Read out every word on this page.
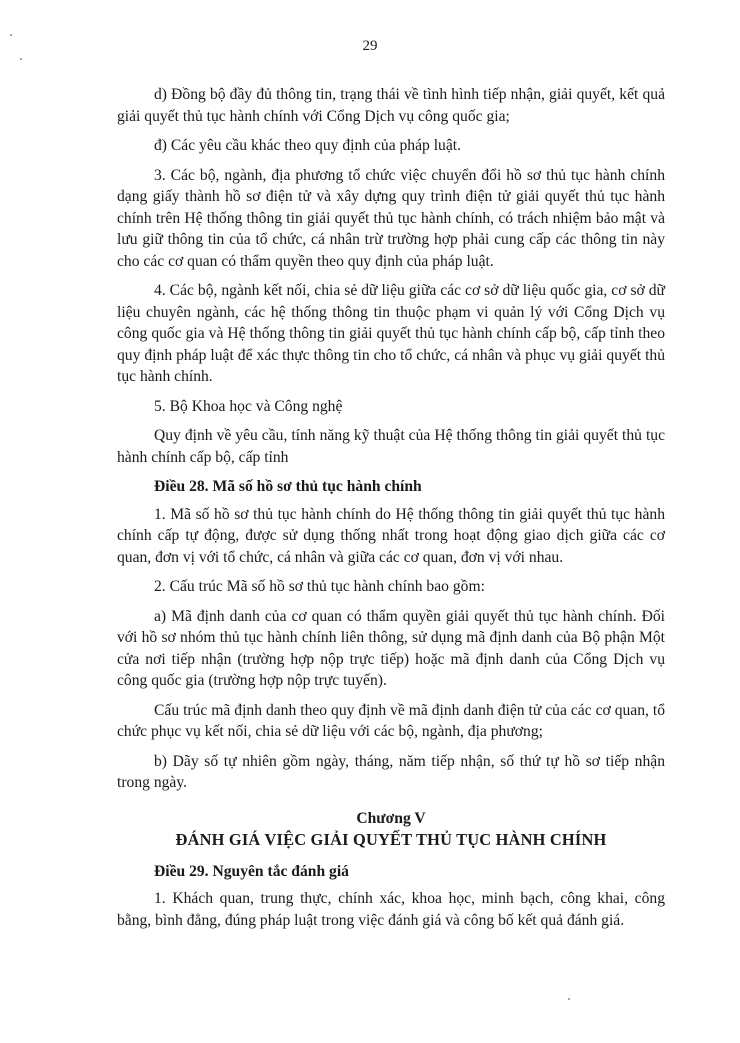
29

d) Đồng bộ đầy đủ thông tin, trạng thái về tình hình tiếp nhận, giải quyết, kết quả giải quyết thủ tục hành chính với Cổng Dịch vụ công quốc gia;

đ) Các yêu cầu khác theo quy định của pháp luật.

3. Các bộ, ngành, địa phương tổ chức việc chuyển đổi hồ sơ thủ tục hành chính dạng giấy thành hồ sơ điện tử và xây dựng quy trình điện tử giải quyết thủ tục hành chính trên Hệ thống thông tin giải quyết thủ tục hành chính, có trách nhiệm bảo mật và lưu giữ thông tin của tổ chức, cá nhân trừ trường hợp phải cung cấp các thông tin này cho các cơ quan có thẩm quyền theo quy định của pháp luật.

4. Các bộ, ngành kết nối, chia sẻ dữ liệu giữa các cơ sở dữ liệu quốc gia, cơ sở dữ liệu chuyên ngành, các hệ thống thông tin thuộc phạm vi quản lý với Cổng Dịch vụ công quốc gia và Hệ thống thông tin giải quyết thủ tục hành chính cấp bộ, cấp tỉnh theo quy định pháp luật để xác thực thông tin cho tổ chức, cá nhân và phục vụ giải quyết thủ tục hành chính.

5. Bộ Khoa học và Công nghệ

Quy định về yêu cầu, tính năng kỹ thuật của Hệ thống thông tin giải quyết thủ tục hành chính cấp bộ, cấp tỉnh

Điều 28. Mã số hồ sơ thủ tục hành chính

1. Mã số hồ sơ thủ tục hành chính do Hệ thống thông tin giải quyết thủ tục hành chính cấp tự động, được sử dụng thống nhất trong hoạt động giao dịch giữa các cơ quan, đơn vị với tổ chức, cá nhân và giữa các cơ quan, đơn vị với nhau.

2. Cấu trúc Mã số hồ sơ thủ tục hành chính bao gồm:

a) Mã định danh của cơ quan có thẩm quyền giải quyết thủ tục hành chính. Đối với hồ sơ nhóm thủ tục hành chính liên thông, sử dụng mã định danh của Bộ phận Một cửa nơi tiếp nhận (trường hợp nộp trực tiếp) hoặc mã định danh của Cổng Dịch vụ công quốc gia (trường hợp nộp trực tuyến).

Cấu trúc mã định danh theo quy định về mã định danh điện tử của các cơ quan, tổ chức phục vụ kết nối, chia sẻ dữ liệu với các bộ, ngành, địa phương;

b) Dãy số tự nhiên gồm ngày, tháng, năm tiếp nhận, số thứ tự hồ sơ tiếp nhận trong ngày.

Chương V
ĐÁNH GIÁ VIỆC GIẢI QUYẾT THỦ TỤC HÀNH CHÍNH

Điều 29. Nguyên tắc đánh giá

1. Khách quan, trung thực, chính xác, khoa học, minh bạch, công khai, công bằng, bình đẳng, đúng pháp luật trong việc đánh giá và công bố kết quả đánh giá.
